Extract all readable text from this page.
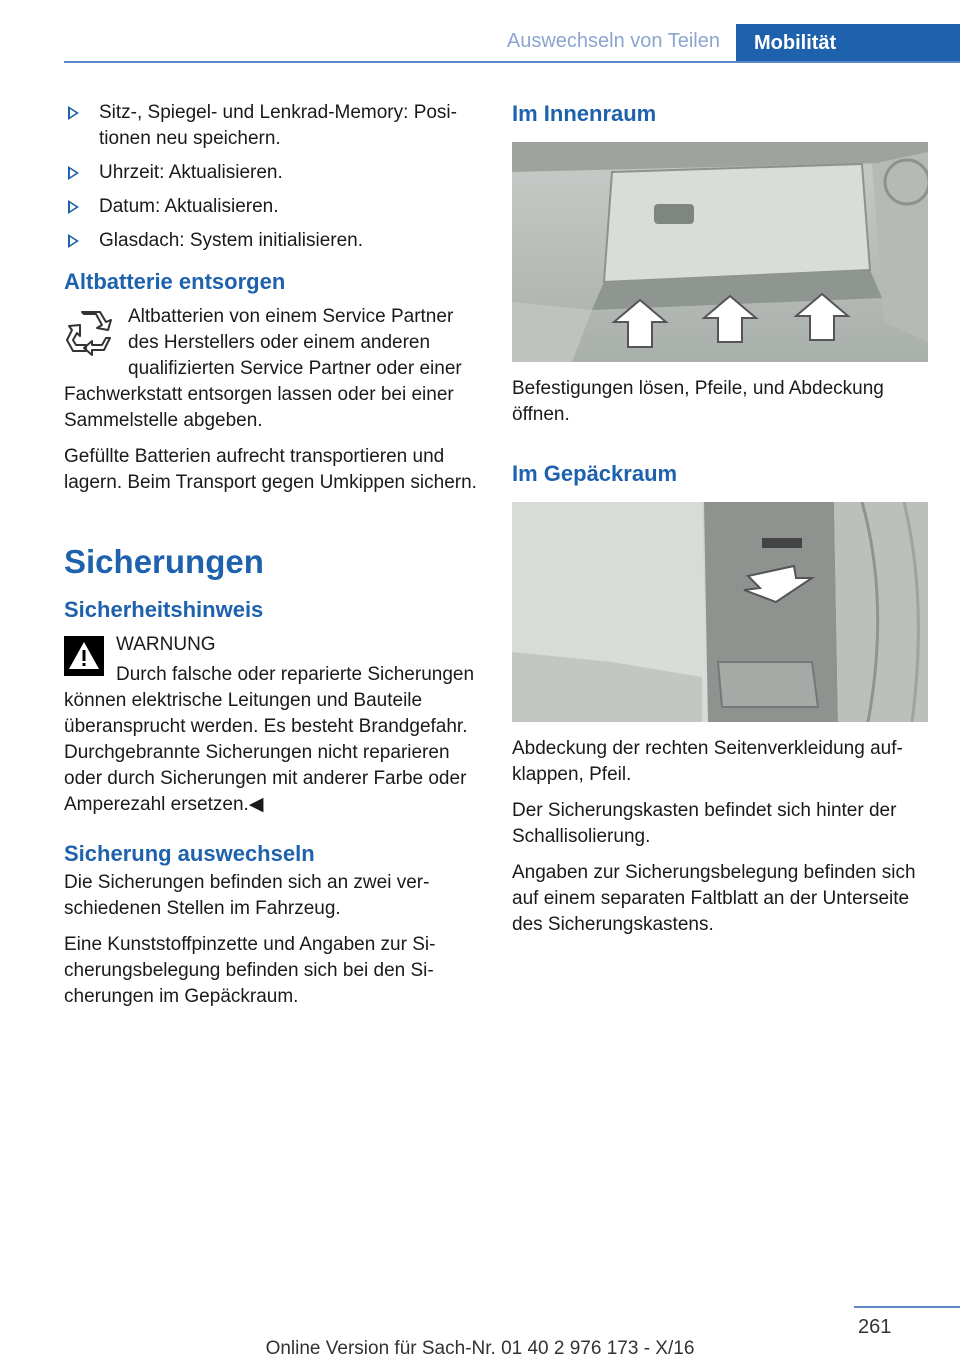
Auswechseln von Teilen	Mobilität
Sitz-, Spiegel- und Lenkrad-Memory: Positionen neu speichern.
Uhrzeit: Aktualisieren.
Datum: Aktualisieren.
Glasdach: System initialisieren.
Altbatterie entsorgen

Altbatterien von einem Service Partner des Herstellers oder einem anderen qualifizierten Service Partner oder einer Fachwerkstatt entsorgen lassen oder bei einer Sammelstelle abgeben.

Gefüllte Batterien aufrecht transportieren und lagern. Beim Transport gegen Umkippen sichern.

Sicherungen
Sicherheitshinweis
WARNUNG
Durch falsche oder reparierte Sicherungen können elektrische Leitungen und Bauteile überansprucht werden. Es besteht Brandgefahr. Durchgebrannte Sicherungen nicht reparieren oder durch Sicherungen mit anderer Farbe oder Amperezahl ersetzen.◀
Sicherung auswechseln

Die Sicherungen befinden sich an zwei verschiedenen Stellen im Fahrzeug.

Eine Kunststoffpinzette und Angaben zur Sicherungsbelegung befinden sich bei den Sicherungen im Gepäckraum.

Im Innenraum

Befestigungen lösen, Pfeile, und Abdeckung öffnen.

Im Gepäckraum

Abdeckung der rechten Seitenverkleidung aufklappen, Pfeil.

Der Sicherungskasten befindet sich hinter der Schallisolierung.

Angaben zur Sicherungsbelegung befinden sich auf einem separaten Faltblatt an der Unterseite des Sicherungskastens.

261
Online Version für Sach-Nr. 01 40 2 976 173 - X/16
